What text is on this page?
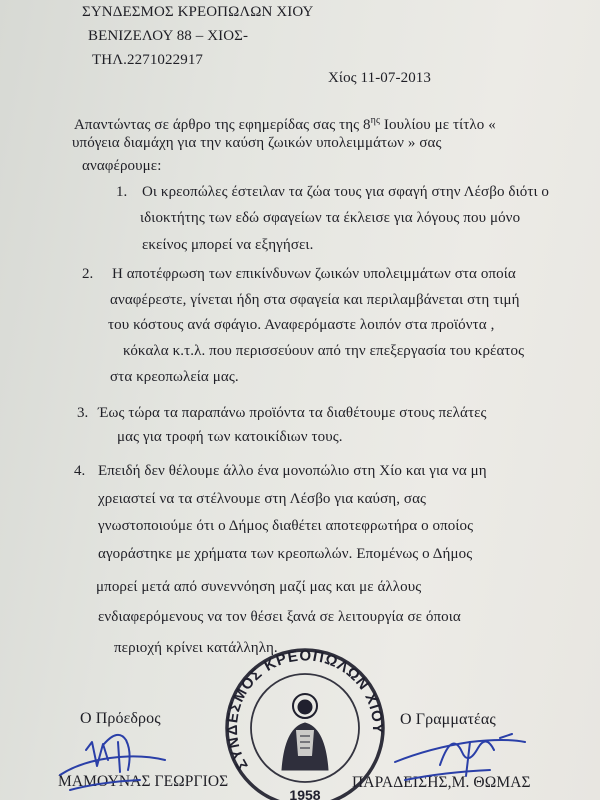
ΣΥΝΔΕΣΜΟΣ ΚΡΕΟΠΩΛΩΝ ΧΙΟΥ
ΒΕΝΙΖΕΛΟΥ 88 – ΧΙΟΣ-
ΤΗΛ.2271022917
Χίος 11-07-2013
Απαντώντας σε άρθρο της εφημερίδας σας της $8^{\eta\varsigma}$ Ιουλίου με τίτλο «
υπόγεια διαμάχη για την καύση ζωικών υπολειμμάτων » σας
αναφέρουμε:
1. Οι κρεοπώλες έστειλαν τα ζώα τους για σφαγή στην Λέσβο διότι ο
ιδιοκτήτης των εδώ σφαγείων τα έκλεισε για λόγους που μόνο
εκείνος μπορεί να εξηγήσει.
2. Η αποτέφρωση των επικίνδυνων ζωικών υπολειμμάτων στα οποία
αναφέρεστε, γίνεται ήδη στα σφαγεία και περιλαμβάνεται στη τιμή
του κόστους ανά σφάγιο. Αναφερόμαστε λοιπόν στα προϊόντα ,
κόκαλα κ.τ.λ. που περισσεύουν από την επεξεργασία του κρέατος
στα κρεοπωλεία μας.
3. Έως τώρα τα παραπάνω προϊόντα τα διαθέτουμε στους πελάτες
μας για τροφή των κατοικίδιων τους.
4. Επειδή δεν θέλουμε άλλο ένα μονοπώλιο στη Χίο και για να μη
χρειαστεί να τα στέλνουμε στη Λέσβο για καύση, σας
γνωστοποιούμε ότι ο Δήμος διαθέτει αποτεφρωτήρα ο οποίος
αγοράστηκε με χρήματα των κρεοπωλών. Επομένως ο Δήμος
μπορεί μετά από συνεννόηση μαζί μας και με άλλους
ενδιαφερόμενους να τον θέσει ξανά σε λειτουργία σε όποια
περιοχή κρίνει κατάλληλη.
Ο Πρόεδρος	Ο Γραμματέας
ΜΑΜΟΥΝΑΣ ΓΕΩΡΓΙΟΣ	ΠΑΡΑΔΕΙΣΗΣ,Μ. ΘΩΜΑΣ
ΣΥΝΔΕΣΜΟΣ ΚΡΕΟΠΩΛΩΝ ΧΙΟΥ
1958
